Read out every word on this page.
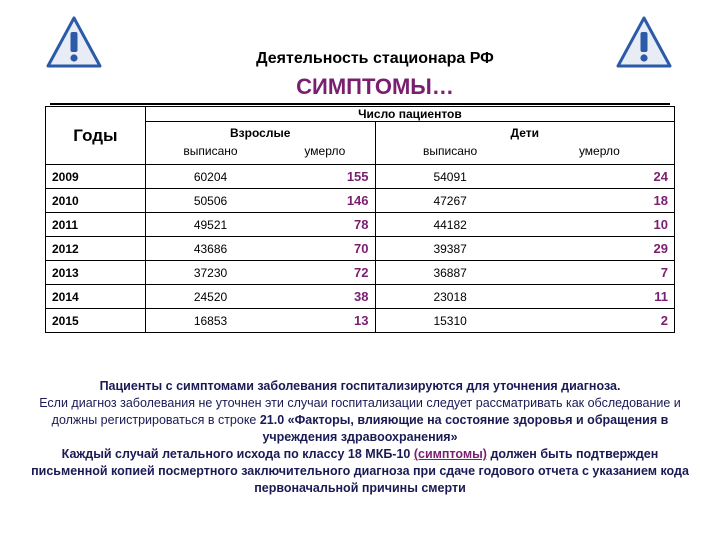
Деятельность стационара РФ
СИМПТОМЫ…
Годы	Число пациентов			
	Взрослые		Дети	
	выписано	умерло	выписано	умерло
2009	60204	155	54091	24
2010	50506	146	47267	18
2011	49521	78	44182	10
2012	43686	70	39387	29
2013	37230	72	36887	7
2014	24520	38	23018	11
2015	16853	13	15310	2
Пациенты с симптомами заболевания госпитализируются для уточнения диагноза.
Если диагноз заболевания не уточнен эти случаи госпитализации следует рассматривать как обследование и должны регистрироваться в строке 21.0 «Факторы, влияющие на состояние здоровья и обращения в учреждения здравоохранения»
Каждый случай летального исхода по классу 18 МКБ-10 (симптомы) должен быть подтвержден письменной копией посмертного заключительного диагноза при сдаче годового отчета с указанием кода первоначальной причины смерти
